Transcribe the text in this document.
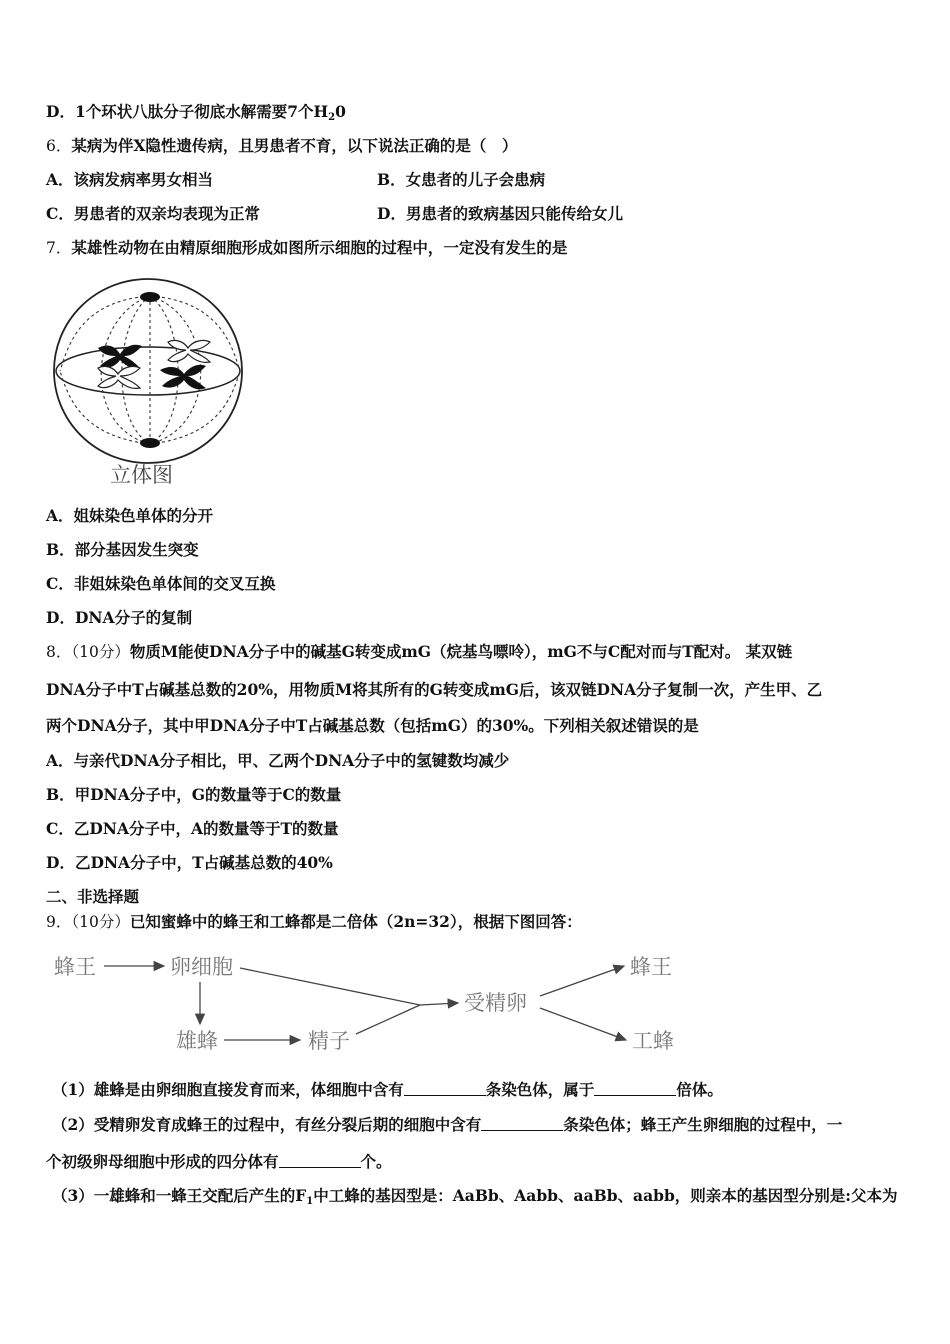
D．1个环状八肽分子彻底水解需要7个$H_20$
6．某病为伴X隐性遗传病，且男患者不育，以下说法正确的是（　）
A．该病发病率男女相当	B．女患者的儿子会患病
C．男患者的双亲均表现为正常	D．男患者的致病基因只能传给女儿
7．某雄性动物在由精原细胞形成如图所示细胞的过程中，一定没有发生的是
立体图
A．姐妹染色单体的分开
B．部分基因发生突变
C．非姐妹染色单体间的交叉互换
D．DNA分子的复制
8．（10分）物质M能使DNA分子中的碱基G转变成mG（烷基鸟嘌呤），mG不与C配对而与T配对。 某双链
DNA分子中T占碱基总数的20%，用物质M将其所有的G转变成mG后，该双链DNA分子复制一次，产生甲、乙
两个DNA分子，其中甲DNA分子中T占碱基总数（包括mG）的30%。下列相关叙述错误的是
A．与亲代DNA分子相比，甲、乙两个DNA分子中的氢键数均减少
B．甲DNA分子中，G的数量等于C的数量
C．乙DNA分子中，A的数量等于T的数量
D．乙DNA分子中，T占碱基总数的40%
二、非选择题
9．（10分）已知蜜蜂中的蜂王和工蜂都是二倍体（2n=32），根据下图回答：
蜂王	卵细胞
雄蜂	精子
受精卵
蜂王
工蜂
（1）雄蜂是由卵细胞直接发育而来，体细胞中含有	条染色体，属于	倍体。
（2）受精卵发育成蜂王的过程中，有丝分裂后期的细胞中含有	条染色体；蜂王产生卵细胞的过程中，一
个初级卵母细胞中形成的四分体有	个。
（3）一雄蜂和一蜂王交配后产生的$F_1$中工蜂的基因型是：AaBb、Aabb、aaBb、aabb，则亲本的基因型分别是:父本为
